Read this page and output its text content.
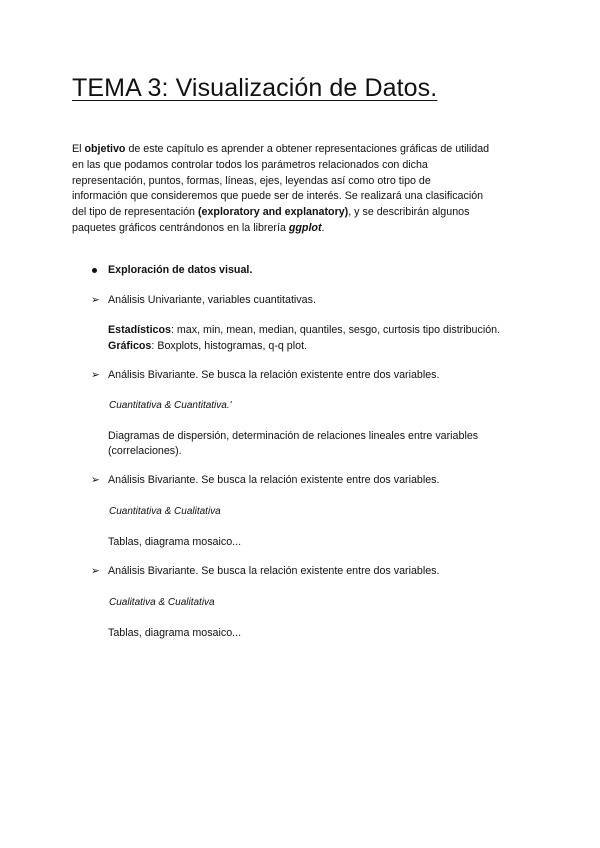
TEMA 3: Visualización de Datos.

El objetivo de este capítulo es aprender a obtener representaciones gráficas de utilidad

en las que podamos controlar todos los parámetros relacionados con dicha

representación, puntos, formas, líneas, ejes, leyendas así como otro tipo de

información que consideremos que puede ser de interés. Se realizará una clasificación

del tipo de representación (exploratory and explanatory), y se describirán algunos

paquetes gráficos centrándonos en la librería ggplot.

Exploración de datos visual.
➢ Análisis Univariante, variables cuantitativas.
Estadísticos: max, min, mean, median, quantiles, sesgo, curtosis tipo distribución.
Gráficos: Boxplots, histogramas, q-q plot.
➢ Análisis Bivariante. Se busca la relación existente entre dos variables.
Cuantitativa & Cuantitativa.'
Diagramas de dispersión, determinación de relaciones lineales entre variables
(correlaciones).
➢ Análisis Bivariante. Se busca la relación existente entre dos variables.
Cuantitativa & Cualitativa
Tablas, diagrama mosaico...
➢ Análisis Bivariante. Se busca la relación existente entre dos variables.
Cualitativa & Cualitativa
Tablas, diagrama mosaico...
